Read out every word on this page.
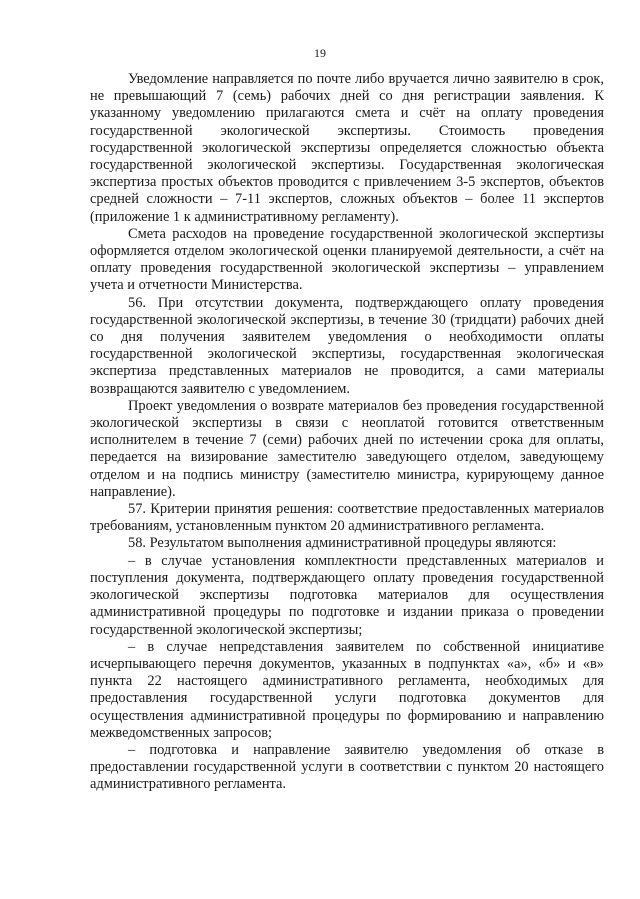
19

Уведомление направляется по почте либо вручается лично заявителю в срок, не превышающий 7 (семь) рабочих дней со дня регистрации заявления. К указанному уведомлению прилагаются смета и счёт на оплату проведения государственной экологической экспертизы. Стоимость проведения государственной экологической экспертизы определяется сложностью объекта государственной экологической экспертизы. Государственная экологическая экспертиза простых объектов проводится с привлечением 3-5 экспертов, объектов средней сложности – 7-11 экспертов, сложных объектов – более 11 экспертов (приложение 1 к административному регламенту).

Смета расходов на проведение государственной экологической экспертизы оформляется отделом экологической оценки планируемой деятельности, а счёт на оплату проведения государственной экологической экспертизы – управлением учета и отчетности Министерства.

56. При отсутствии документа, подтверждающего оплату проведения государственной экологической экспертизы, в течение 30 (тридцати) рабочих дней со дня получения заявителем уведомления о необходимости оплаты государственной экологической экспертизы, государственная экологическая экспертиза представленных материалов не проводится, а сами материалы возвращаются заявителю с уведомлением.

Проект уведомления о возврате материалов без проведения государственной экологической экспертизы в связи с неоплатой готовится ответственным исполнителем в течение 7 (семи) рабочих дней по истечении срока для оплаты, передается на визирование заместителю заведующего отделом, заведующему отделом и на подпись министру (заместителю министра, курирующему данное направление).

57. Критерии принятия решения: соответствие предоставленных материалов требованиям, установленным пунктом 20 административного регламента.

58. Результатом выполнения административной процедуры являются:

– в случае установления комплектности представленных материалов и поступления документа, подтверждающего оплату проведения государственной экологической экспертизы подготовка материалов для осуществления административной процедуры по подготовке и издании приказа о проведении государственной экологической экспертизы;

– в случае непредставления заявителем по собственной инициативе исчерпывающего перечня документов, указанных в подпунктах «а», «б» и «в» пункта 22 настоящего административного регламента, необходимых для предоставления государственной услуги подготовка документов для осуществления административной процедуры по формированию и направлению межведомственных запросов;

– подготовка и направление заявителю уведомления об отказе в предоставлении государственной услуги в соответствии с пунктом 20 настоящего административного регламента.
